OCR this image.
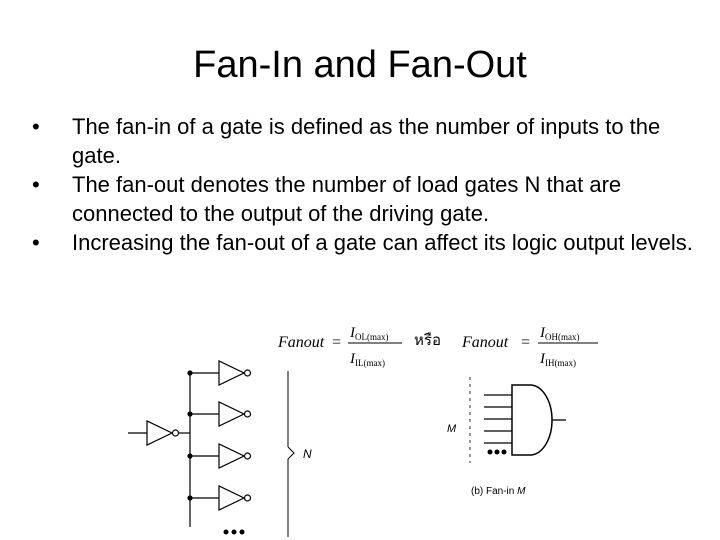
Fan-In and Fan-Out
• The fan-in of a gate is defined as the number of inputs to the gate.
• The fan-out denotes the number of load gates N that are connected to the output of the driving gate.
• Increasing the fan-out of a gate can affect its logic output levels.
Fanout =
$I_{OL(max)}$
$I_{IL(max)}$
หรือ Fanout =
$I_{OH(max)}$
$I_{IH(max)}$
N
M
(b) Fan-in M
